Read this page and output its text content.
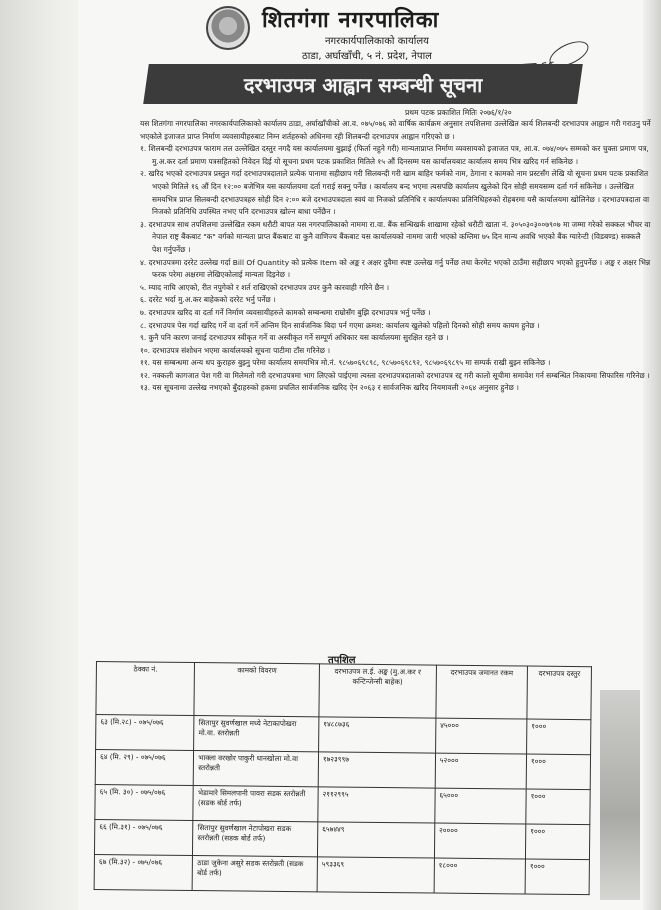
शितगंगा नगरपालिका
नगरकार्यपालिकाको कार्यालय
ठाडा, अर्घाखाँची, ५ नं. प्रदेश, नेपाल
दरभाउपत्र आह्वान सम्बन्धी सूचना
प्रथम पटक प्रकाशित मितिः २०७६/१/२०

यस शितगंगा नगरपालिका नगरकार्यपालिकाको कार्यालय ठाडा, अर्घाखाँचीको आ.व. ०७५/०७६ को वार्षिक कार्यक्रम अनुसार तपशिलमा उल्लेखित कार्य शिलबन्दी दरभाउपत्र आह्वान गरी गराउनु पर्ने भएकोले इजाजत प्राप्त निर्माण व्यवसायीहरुबाट निम्न शर्तहरुको अधिनमा रही शिलबन्दी दरभाउपत्र आह्वान गरिएको छ ।

१. शिलबन्दी दरभाउपत्र फाराम तल उल्लेखित दस्तुर नगदै यस कार्यालयमा बुझाई (फिर्ता नहुने गरी) मान्यताप्राप्त निर्माण व्यवसायको इजाजत पत्र, आ.व. ०७४/०७५ सम्मको कर चुक्ता प्रमाण पत्र, मु.अ.कर दर्ता प्रमाण पत्रसहितको निवेदन दिई यो सूचना प्रथम पटक प्रकाशित मितिले १५ औं दिनसम्म यस कार्यालयबाट कार्यालय समय भित्र खरिद गर्न सकिनेछ ।

२. खरिद भएको दरभाउपत्र प्रस्तुत गर्दा दरभाउपत्रदाताले प्रत्येक पानामा सहीछाप गरी सिलबन्दी गरी खाम बाहिर फर्मको नाम, ठेगाना र कामको नाम प्रस्टसँग लेखि यो सूचना प्रथम पटक प्रकाशित भएको मितिले १६ औं दिन १२:०० बजेभित्र यस कार्यालयमा दर्ता गराई सक्नु पर्नेछ । कार्यालय बन्द भएमा त्यसपछि कार्यालय खुलेको दिन सोही समयसम्म दर्ता गर्न सकिनेछ । उल्लेखित समयभित्र प्राप्त सिलबन्दी दरभाउपत्रहरु सोही दिन २:०० बजे दरभाउपत्रदाता स्वयं वा निजको प्रतिनिधि र कार्यालयका प्रतिनिधिहरुको रोहबरमा यसै कार्यालयमा खोलिनेछ । दरभाउपत्रदाता वा निजको प्रतिनिधि उपस्थित नभए पनि दरभाउपत्र खोल्न बाधा पर्नेछैन ।

३. दरभाउपत्र साथ तपशिलमा उल्लेखित रकम धरौटी बापत यस नगरपालिकाको नाममा रा.वा. बैंक सन्धिखर्क शाखामा रहेको धरौटी खाता नं. ३०५०३०३००७९०७ मा जम्मा गरेको सक्कल भौचर वा नेपाल राष्ट्र बैंकबाट "क" वर्गको मान्यता प्राप्त बैंकबाट वा कुनै वाणिज्य बैंकबाट यस कार्यालयको नाममा जारी भएको कम्तिमा ७५ दिन मान्य अवधि भएको बैंक ग्यारेन्टी (विडबण्ड) सक्कलै पेश गर्नुपर्नेछ ।

४. दरभाउपत्रमा दररेट उल्लेख गर्दा Bill Of Quantity को प्रत्येक Item को अङ्क र अक्षर दुवैमा स्पष्ट उल्लेख गर्नु पर्नेछ तथा केरमेट भएको ठाउँमा सहीछाप भएको हुनुपर्नेछ । अङ्क र अक्षर भिन्न फरक परेमा अक्षरमा लेखिएकोलाई मान्यता दिइनेछ ।

५. म्याद नाघि आएको, रीत नपुगेको र शर्त राखिएको दरभाउपत्र उपर कुनै कारवाही गरिने छैन ।

६. दररेट भर्दा मु.अ.कर बाहेकको दररेट भर्नु पर्नेछ ।

७. दरभाउपत्र खरिद वा दर्ता गर्ने निर्माण व्यवसायीहरुले कामको सम्बन्धमा राम्रोसँग बुझि दरभाउपत्र भर्नु पर्नेछ ।

८. दरभाउपत्र पेस गर्दा खरिद गर्ने वा दर्ता गर्ने अन्तिम दिन सार्वजनिक बिदा पर्न गएमा क्रमश: कार्यालय खुलेको पहिलो दिनको सोही समय कायम हुनेछ ।

९. कुनै पनि कारण जनाई दरभाउपत्र स्वीकृत गर्ने वा अस्वीकृत गर्ने सम्पूर्ण अधिकार यस कार्यालयमा सुरक्षित रहने छ ।

१०. दरभाउपत्र संशोधन भएमा कार्यालयको सूचना पाटीमा टाँस गरिनेछ ।

११. यस सम्बन्धमा अन्य थप कुराहरु बुझ्नु परेमा कार्यालय समयभित्र मो.नं. ९८५७०६९८९८, ९८५७०६९८९२, ९८५७०६९८९५ मा सम्पर्क राखी बुझ्न सकिनेछ ।

१२. नक्कली कागजात पेश गरी वा मिलेमतो गरी दरभाउपत्रमा भाग लिएको पाईएमा त्यस्ता दरभाउपत्रदाताको दरभाउपत्र रद्द गरी कालो सूचीमा समावेश गर्न सम्बन्धित निकायमा सिफारिस गरिनेछ ।

१३. यस सूचनामा उल्लेख नभएको बुँदाहरुको हकमा प्रचलित सार्वजनिक खरिद ऐन २०६३ र सार्वजनिक खरिद नियमावली २०६४ अनुसार हुनेछ ।

तपशिल
ठेक्का नं.	कामको विवरण	दरभाउपत्र ल.ई. अङ्क (मु.अ.कर र कन्टिन्जेन्सी बाहेक)	दरभाउपत्र जमानत रकम	दरभाउपत्र दस्तुर
६३ (मि.२८) - ०७५/०७६	सितापुर सुवर्णखाल मध्ये नेटाकापोखरा मो.वा. स्तरोन्नती	१४८८७३६	४५०००	१०००
६४ (मि. २९) - ०७५/०७६	भाक्ला वरखोर पाकुरी धानखोला मो.वा स्तरोन्नती	१७२३९९७	५२०००	१०००
६५ (मि. ३०) - ०७५/०७६	भेडामारे सिमलपानी पावरा सडक स्तरोन्नती (सडक बोर्ड तर्फ)	२११२९९५	६५०००	१०००
६६ (मि.३१) - ०७५/०७६	सितापुर सुवर्णखाल नेटापोखरा सडक स्तरोन्नती (सडक बोर्ड तर्फ)	६५७४४९	२००००	१०००
६७ (मि.३२) - ०७५/०७६	ठाडा जुकेना असुरे सडक स्तरोन्नती (सडक बोर्ड तर्फ)	५९३३६९	१८०००	१०००
